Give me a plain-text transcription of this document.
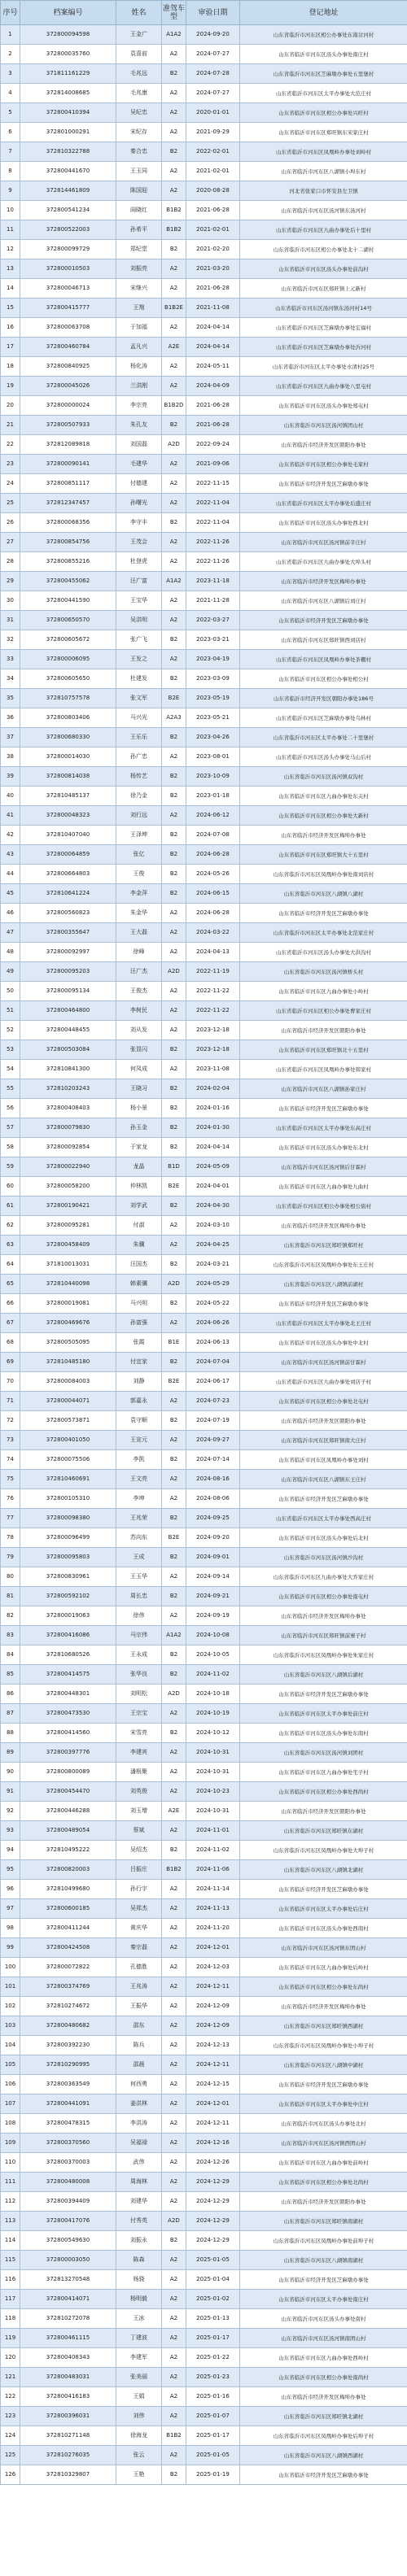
序号	档案编号	姓名	准驾车型	审验日期	登记地址
1	372800094598	王金广	A1A2	2024-09-20	山东省临沂市河东区相公办事处东南岔河村
2	372800035760	袁喜前	A2	2024-07-27	山东省临沂市河东区汤头办事处南庄村
3	371811161229	毛兆远	B2	2024-07-28	山东省临沂市河东区芝麻墩办事处五里堡村
4	372814008685	毛兆康	A2	2024-07-27	山东省临沂市河东区太平办事处大范庄村
5	372800410394	吴纪忠	A2	2020-01-01	山东省临沂市河东区相公办事处兴旺村
6	372801000291	宋纪存	A2	2021-09-29	山东省临沂市河东区郑旺镇东宋家庄村
7	372810322788	秦合忠	B2	2022-02-01	山东省临沂市河东区凤凰岭办事处刘岭村
8	372800441670	王玉同	A2	2021-02-01	山东省临沂市河东区八湖镇小埠东村
9	372814461809	陈国迎	A2	2020-08-28	河北省张家口市怀安县左卫镇
10	372800541234	阎晓红	B1B2	2021-06-28	山东省临沂市河东区汤河镇东汤河村
11	372800522003	孙希平	B1B2	2021-02-01	山东省临沂市河东区九曲办事处后十里村
12	372800099729	郑纪堂	B2	2021-02-20	山东省临沂市河东区相公办事处北十二湖村
13	372800010503	刘振亮	A2	2021-03-20	山东省临沂市河东区汤头办事处前沟村
14	372800046713	宋继兴	A2	2021-06-28	山东省临沂市河东区郑旺镇上元新村
15	372800415777	王翔	B1B2E	2021-11-08	山东省临沂市河东区汤河镇东汤河村14号
16	372800063708	于加福	A2	2024-04-14	山东省临沂市河东区芝麻墩办事处宏福村
17	372800460784	孟凡兴	A2E	2024-04-14	山东省临沂市河东区芝麻墩办事处沂河村
18	372800840925	杨化涛	A2	2024-05-11	山东省临沂市河东区太平办事处水清村25号
19	372800045026	兰洪刚	A2	2024-04-09	山东省临沂市河东区九曲办事处八里屯村
20	372800000024	李宗亮	B1B2D	2021-06-28	山东省临沂市河东区汤头办事处郑屯村
21	372800507933	朱孔友	B2	2021-06-28	山东省临沂市河东区汤河镇团山村
22	372812089818	刘国磊	A2D	2022-09-24	山东省临沂市经济开发区朝阳办事处
23	372800090141	毛建华	A2	2021-09-06	山东省临沂市河东区相公办事处毛家村
24	372800851117	付德建	A2	2022-11-15	山东省临沂市经济开发区芝麻墩办事处
25	372812347457	孙曙光	A2	2022-11-04	山东省临沂市河东区太平办事处后盛庄村
26	372800068356	李守丰	B2	2022-11-04	山东省临沂市河东区汤头办事处西北村
27	372800854756	王茂会	A2	2022-11-26	山东省临沂市河东区汤河镇前辛庄村
28	372800855216	杜登虎	A2	2022-11-26	山东省临沂市河东区九曲办事处大埠头村
29	372800455062	汪广富	A1A2	2023-11-18	山东省临沂市经济开发区梅埠办事处
30	372800441590	王宝华	A2	2021-11-28	山东省临沂市河东区八湖镇后刘庄村
31	372800650570	吴洪明	A2	2022-03-27	山东省临沂市经济开发区芝麻墩办事处
32	372800605672	张广飞	B2	2023-03-21	山东省临沂市河东区郑旺镇西刘店村
33	372800006095	王发之	A2	2023-04-19	山东省临沂市河东区凤凰岭办事处茶棚村
34	372800605650	杜建发	B2	2023-03-09	山东省临沂市河东区相公办事处相公村
35	372810757578	张文军	B2E	2023-05-19	山东省临沂市经济开发区朝阳办事处186号
36	372800803406	马兴光	A2A3	2023-05-21	山东省临沂市河东区芝麻墩办事处乌林村
37	372800680330	王乐乐	B2	2023-04-26	山东省临沂市河东区太平办事处二十里堡村
38	372800014030	孙广忠	A2	2023-08-01	山东省临沂市河东区汤头办事处马山后村
39	372800814038	杨传艺	B2	2023-10-09	山东省临沂市河东区汤河镇双沟村
40	372810485137	徐乃金	B2	2023-01-18	山东省临沂市河东区九曲办事处东关村
41	372800048323	刘行远	A2	2024-06-12	山东省临沂市河东区相公办事处大新村
42	372810407040	王泽坤	B2	2024-07-08	山东省临沂市经济开发区梅埠办事处
43	372800064859	张亿	B2	2024-06-28	山东省临沂市河东区郑旺镇大十五里村
44	372800664803	王俊	B2	2024-05-26	山东省临沂市河东区凤凰岭办事处南刘店村
45	372810641224	李金萍	B2	2024-06-15	山东省临沂市河东区八湖镇八湖村
46	372800560823	朱金华	A2	2024-06-28	山东省临沂市经济开发区芝麻墩办事处
47	372800355647	王大磊	A2	2024-03-22	山东省临沂市河东区太平办事处北范家庄村
48	372800092997	徐峰	A2	2024-04-13	山东省临沂市河东区汤头办事处大洪沟村
49	372800095203	汪广杰	A2D	2022-11-19	山东省临沂市河东区汤河镇桥头村
50	372800095134	王俊杰	A2	2022-11-22	山东省临沂市河东区九曲办事处小岭村
51	372800464800	李树民	A2	2022-11-22	山东省临沂市河东区相公办事处曹家庄村
52	372800448455	刘从发	A2	2023-12-18	山东省临沂市经济开发区朝阳办事处
53	372800503084	张显闪	B2	2023-12-18	山东省临沂市河东区郑旺镇北十五里村
54	372810841300	何凤成	A2	2023-11-08	山东省临沂市河东区凤凰岭办事处韩家村
55	372810203243	王晓习	B2	2024-02-04	山东省临沂市河东区八湖镇孙家庄村
56	372800408403	杨小景	B2	2024-01-16	山东省临沂市经济开发区芝麻墩办事处
57	372800079830	孙玉金	B2	2024-01-30	山东省临沂市河东区太平办事处东高庄村
58	372800092854	于家龙	B2	2024-04-14	山东省临沂市河东区汤头办事处东北村
59	372800022940	龙晶	B1D	2024-05-09	山东省临沂市河东区汤河镇后甘霖村
60	372800058200	仲林凯	B2E	2024-04-01	山东省临沂市河东区九曲办事处九曲村
61	372800190421	刘学武	B2	2024-04-30	山东省临沂市河东区相公办事处相公街村
62	372800095281	付淑	A2	2024-03-10	山东省临沂市经济开发区梅埠办事处
63	372800458409	朱骥	A2	2024-04-25	山东省临沂市河东区郑旺镇郑旺村
64	371810013031	汪国杰	B2	2024-03-21	山东省临沂市河东区凤凰岭办事处东王庄村
65	372810440098	韩素骥	A2D	2024-05-29	山东省临沂市河东区八湖镇前湖村
66	372800019081	马兴明	B2	2024-05-22	山东省临沂市经济开发区芝麻墩办事处
67	372800469676	孙富强	A2	2024-06-26	山东省临沂市河东区太平办事处北王庄村
68	372800505095	张霞	B1E	2024-06-13	山东省临沂市河东区汤头办事处中北村
69	372810485180	付宜家	B2	2024-07-04	山东省临沂市河东区汤河镇前甘霖村
70	372800084003	刘静	B2E	2024-06-17	山东省临沂市河东区九曲办事处刘店子村
71	372800044071	郭嘉永	A2	2024-07-23	山东省临沂市河东区相公办事处北屯村
72	372800573871	袁守顺	B2	2024-07-19	山东省临沂市经济开发区朝阳办事处
73	372800401050	王宣元	A2	2024-09-27	山东省临沂市河东区郑旺镇南大庄村
74	372800075506	李凯	B2	2024-07-14	山东省临沂市河东区凤凰岭办事处刘村
75	372810460691	王文亮	A2	2024-08-16	山东省临沂市河东区八湖镇东王庄村
76	372800105310	李坤	A2	2024-08-06	山东省临沂市经济开发区芝麻墩办事处
77	372800098380	王兆荣	B2	2024-09-25	山东省临沂市河东区太平办事处西高庄村
78	372800096499	苏向东	B2E	2024-09-20	山东省临沂市河东区汤头办事处后北村
79	372800095803	王成	B2	2024-09-01	山东省临沂市河东区汤河镇沙沟村
80	372800830961	王玉华	A2	2024-09-14	山东省临沂市河东区九曲办事处大乔家庄村
81	372800592102	周长忠	B2	2024-09-21	山东省临沂市河东区相公办事处南屯村
82	372800019063	徐伟	A2	2024-09-19	山东省临沂市经济开发区梅埠办事处
83	372800416086	马宗伟	A1A2	2024-10-08	山东省临沂市河东区郑旺镇前寨子村
84	372810680526	王永成	B2	2024-10-05	山东省临沂市河东区凤凰岭办事处朱家庄村
85	372800414575	张华良	B2	2024-11-02	山东省临沂市河东区八湖镇后湖村
86	372800448301	刘明松	A2D	2024-10-18	山东省临沂市经济开发区芝麻墩办事处
87	372800473530	王宗宝	A2	2024-10-19	山东省临沂市河东区太平办事处前庄村
88	372800414560	宋雪亮	B2	2024-10-12	山东省临沂市河东区汤头办事处东南村
89	372800397776	李建宾	A2	2024-10-31	山东省临沂市河东区汤河镇刘团村
90	372800800089	潘根聚	A2	2024-10-31	山东省临沂市河东区九曲办事处宅子村
91	372800454470	刘英俊	A2	2024-10-23	山东省临沂市河东区相公办事处西尚村
92	372800446288	刘玉增	A2E	2024-10-31	山东省临沂市经济开发区朝阳办事处
93	372800489054	蔡斌	A2	2024-11-01	山东省临沂市河东区郑旺镇东湖村
94	372810495222	吴绍杰	B2	2024-11-02	山东省临沂市河东区凤凰岭办事处大埠子村
95	372800820003	吕振庄	B1B2	2024-11-06	山东省临沂市河东区八湖镇北湖村
96	372810499680	孙行宇	A2	2024-11-14	山东省临沂市经济开发区芝麻墩办事处
97	372800600185	吴郑杰	A2	2024-11-13	山东省临沂市河东区太平办事处后庄村
98	372800411244	黄庆华	A2	2024-11-20	山东省临沂市河东区汤头办事处西南村
99	372800424508	秦宗磊	A2	2024-12-01	山东省临沂市河东区汤河镇东团山村
100	372800072822	孔德胜	A2	2024-12-03	山东省临沂市河东区九曲办事处后岭村
101	372800374769	王兆涛	A2	2024-12-11	山东省临沂市河东区相公办事处东尚村
102	372810274672	王振华	A2	2024-12-09	山东省临沂市经济开发区梅埠办事处
103	372800480682	邵东	A2	2024-12-09	山东省临沂市河东区郑旺镇西湖村
104	372800392230	陈兵	A2	2024-12-13	山东省临沂市河东区凤凰岭办事处小埠子村
105	372810290995	邵晨	A2	2024-12-11	山东省临沂市河东区八湖镇中湖村
106	372800363549	何西勇	A2	2024-12-15	山东省临沂市经济开发区芝麻墩办事处
107	372800441091	姜洪林	A2	2024-12-01	山东省临沂市河东区太平办事处中庄村
108	372800478315	李洪涛	A2	2024-12-11	山东省临沂市河东区汤头办事处北村
109	372800370560	吴福禄	A2	2024-12-16	山东省临沂市河东区汤河镇西团山村
110	372800370003	武伟	A2	2024-12-26	山东省临沂市河东区九曲办事处前岭村
111	372800480008	周海林	A2	2024-12-29	山东省临沂市河东区相公办事处北尚村
112	372800394409	刘建华	A2	2024-12-29	山东省临沂市经济开发区朝阳办事处
113	372800417076	付秀英	A2D	2024-12-29	山东省临沂市河东区郑旺镇南湖村
114	372800549630	刘振永	B2	2024-12-29	山东省临沂市河东区凤凰岭办事处前埠子村
115	372800003050	陈森	A2	2025-01-05	山东省临沂市河东区八湖镇南湖村
116	372813270548	杨骁	A2	2025-01-04	山东省临沂市经济开发区芝麻墩办事处
117	372800414071	杨明毅	A2	2025-01-02	山东省临沂市河东区太平办事处南庄村
118	372810272078	王冰	A2	2025-01-13	山东省临沂市河东区汤头办事处南村
119	372800461115	丁建波	A2	2025-01-17	山东省临沂市河东区汤河镇南团山村
120	372800408343	李建军	A2	2025-01-22	山东省临沂市河东区九曲办事处西岭村
121	372800483031	张美丽	A2	2025-01-23	山东省临沂市河东区相公办事处南尚村
122	372800416183	王娟	A2	2025-01-16	山东省临沂市经济开发区梅埠办事处
123	372800396031	刘伟	A2	2025-01-07	山东省临沂市河东区郑旺镇北湖村
124	372810271148	徐海龙	B1B2	2025-01-17	山东省临沂市河东区凤凰岭办事处后埠子村
125	372810276035	张云	A2	2025-01-05	山东省临沂市河东区八湖镇西湖村
126	372810329807	王艳	B2	2025-01-19	山东省临沂市经济开发区芝麻墩办事处
